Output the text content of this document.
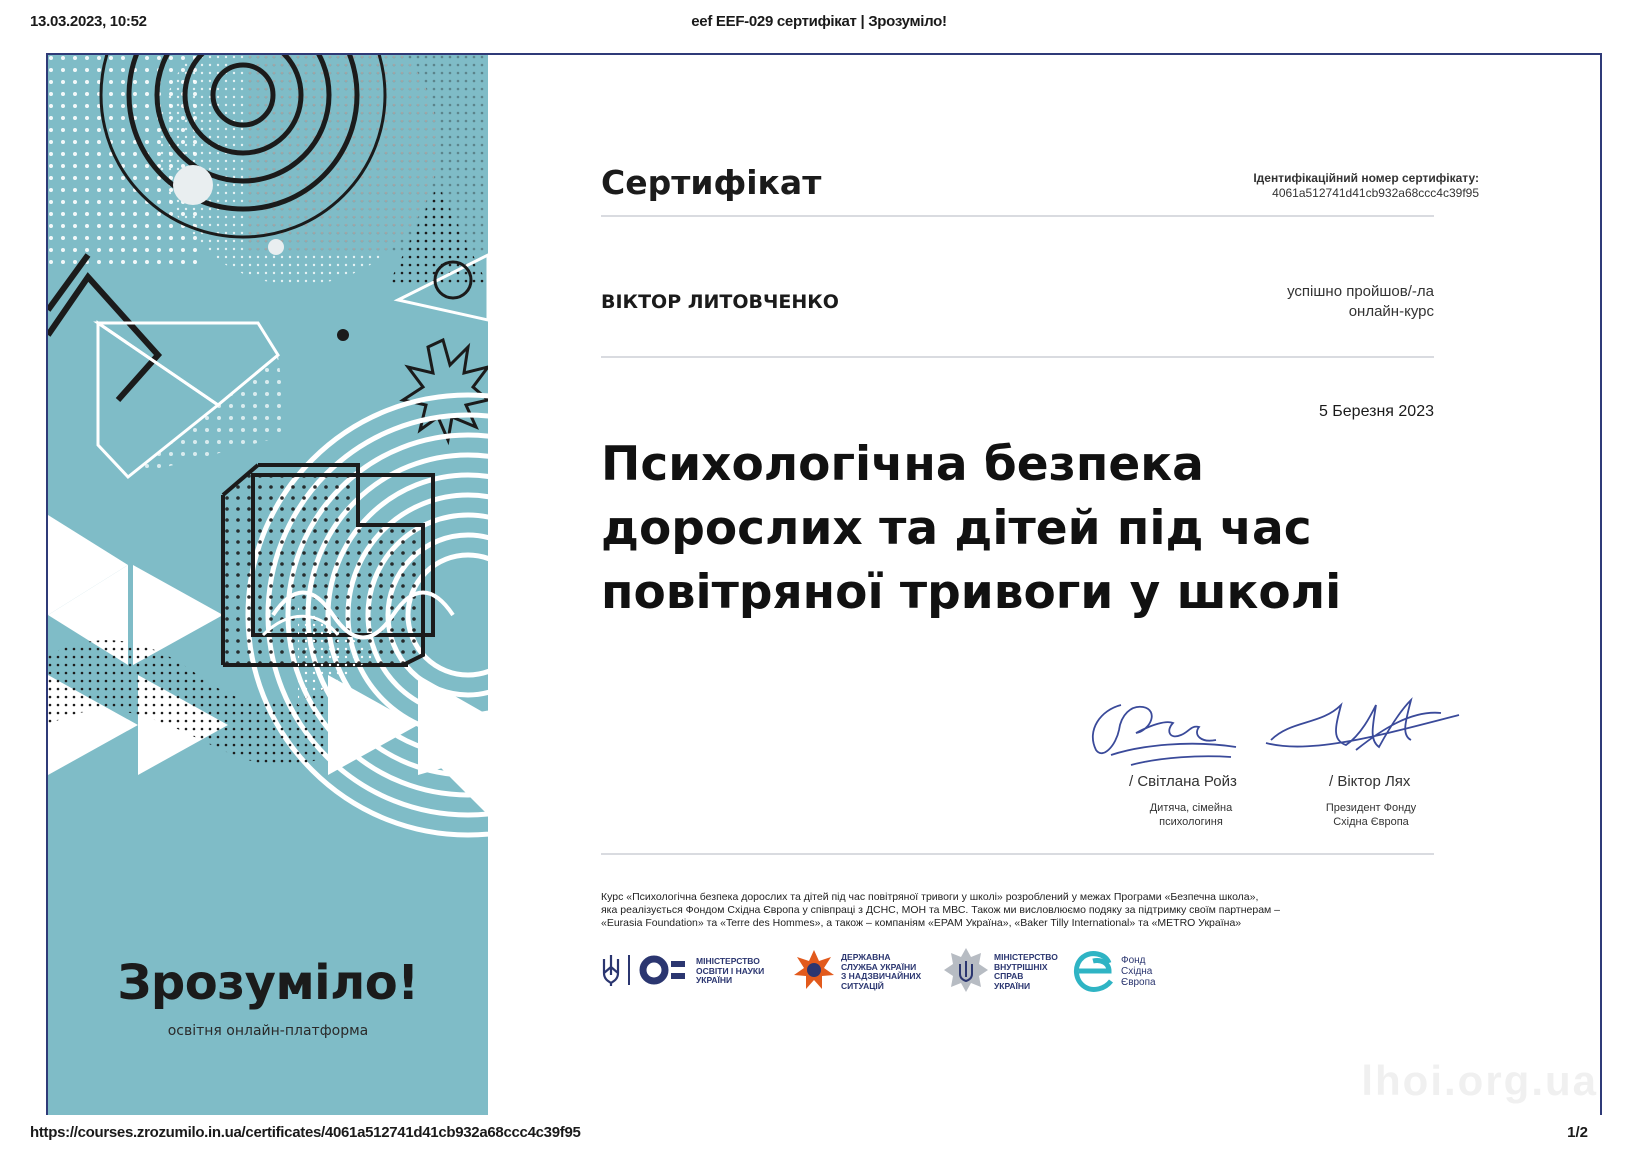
13.03.2023, 10:52	eef EEF-029 сертифікат | Зрозуміло!
Зрозуміло!
освітня онлайн-платформа
Сертифікат	Ідентифікаційний номер сертифікату:
4061a512741d41cb932a68ccc4c39f95
ВІКТОР ЛИТОВЧЕНКО	успішно пройшов/-ла
онлайн-курс
5 Березня 2023
Психологічна безпека дорослих та дітей під час повітряної тривоги у школі
/ Світлана Ройз
Дитяча, сімейна
психологиня
/ Віктор Лях
Президент Фонду
Східна Європа

Курс «Психологічна безпека дорослих та дітей під час повітряної тривоги у школі» розроблений у межах Програми «Безпечна школа»,

яка реалізується Фондом Східна Європа у співпраці з ДСНС, МОН та МВС. Також ми висловлюємо подяку за підтримку своїм партнерам –

«Eurasia Foundation» та «Terre des Hommes», а також – компаніям «EPAM Україна», «Baker Tilly International» та «METRO Україна»

МІНІСТЕРСТВО
ОСВІТИ І НАУКИ
УКРАЇНИ
ДЕРЖАВНА
СЛУЖБА УКРАЇНИ
З НАДЗВИЧАЙНИХ
СИТУАЦІЙ
МІНІСТЕРСТВО
ВНУТРІШНІХ
СПРАВ
УКРАЇНИ
Фонд
Східна
Європа
lhoi.org.ua
https://courses.zrozumilo.in.ua/certificates/4061a512741d41cb932a68ccc4c39f95	1/2
